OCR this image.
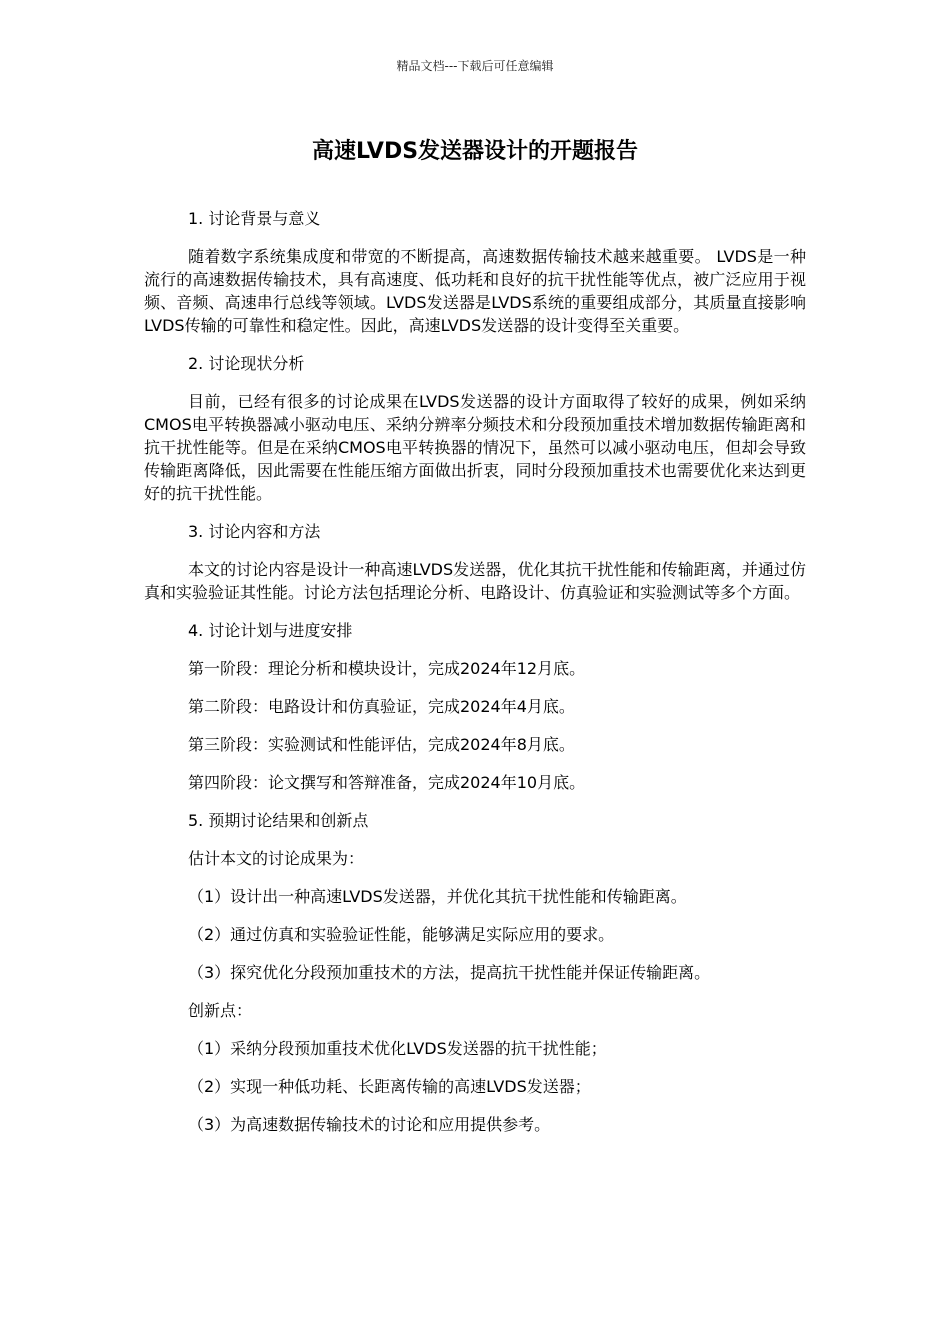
精品文档---下载后可任意编辑
高速LVDS发送器设计的开题报告

1. 讨论背景与意义

随着数字系统集成度和带宽的不断提高，高速数据传输技术越来越重要。 LVDS是一种流行的高速数据传输技术，具有高速度、低功耗和良好的抗干扰性能等优点，被广泛应用于视频、音频、高速串行总线等领域。LVDS发送器是LVDS系统的重要组成部分，其质量直接影响LVDS传输的可靠性和稳定性。因此，高速LVDS发送器的设计变得至关重要。

2. 讨论现状分析

目前，已经有很多的讨论成果在LVDS发送器的设计方面取得了较好的成果，例如采纳CMOS电平转换器减小驱动电压、采纳分辨率分频技术和分段预加重技术增加数据传输距离和抗干扰性能等。但是在采纳CMOS电平转换器的情况下，虽然可以减小驱动电压，但却会导致传输距离降低，因此需要在性能压缩方面做出折衷，同时分段预加重技术也需要优化来达到更好的抗干扰性能。

3. 讨论内容和方法

本文的讨论内容是设计一种高速LVDS发送器，优化其抗干扰性能和传输距离，并通过仿真和实验验证其性能。讨论方法包括理论分析、电路设计、仿真验证和实验测试等多个方面。

4. 讨论计划与进度安排

第一阶段：理论分析和模块设计，完成2024年12月底。

第二阶段：电路设计和仿真验证，完成2024年4月底。

第三阶段：实验测试和性能评估，完成2024年8月底。

第四阶段：论文撰写和答辩准备，完成2024年10月底。

5. 预期讨论结果和创新点

估计本文的讨论成果为：

（1）设计出一种高速LVDS发送器，并优化其抗干扰性能和传输距离。

（2）通过仿真和实验验证性能，能够满足实际应用的要求。

（3）探究优化分段预加重技术的方法，提高抗干扰性能并保证传输距离。

创新点：

（1）采纳分段预加重技术优化LVDS发送器的抗干扰性能；

（2）实现一种低功耗、长距离传输的高速LVDS发送器；

（3）为高速数据传输技术的讨论和应用提供参考。
